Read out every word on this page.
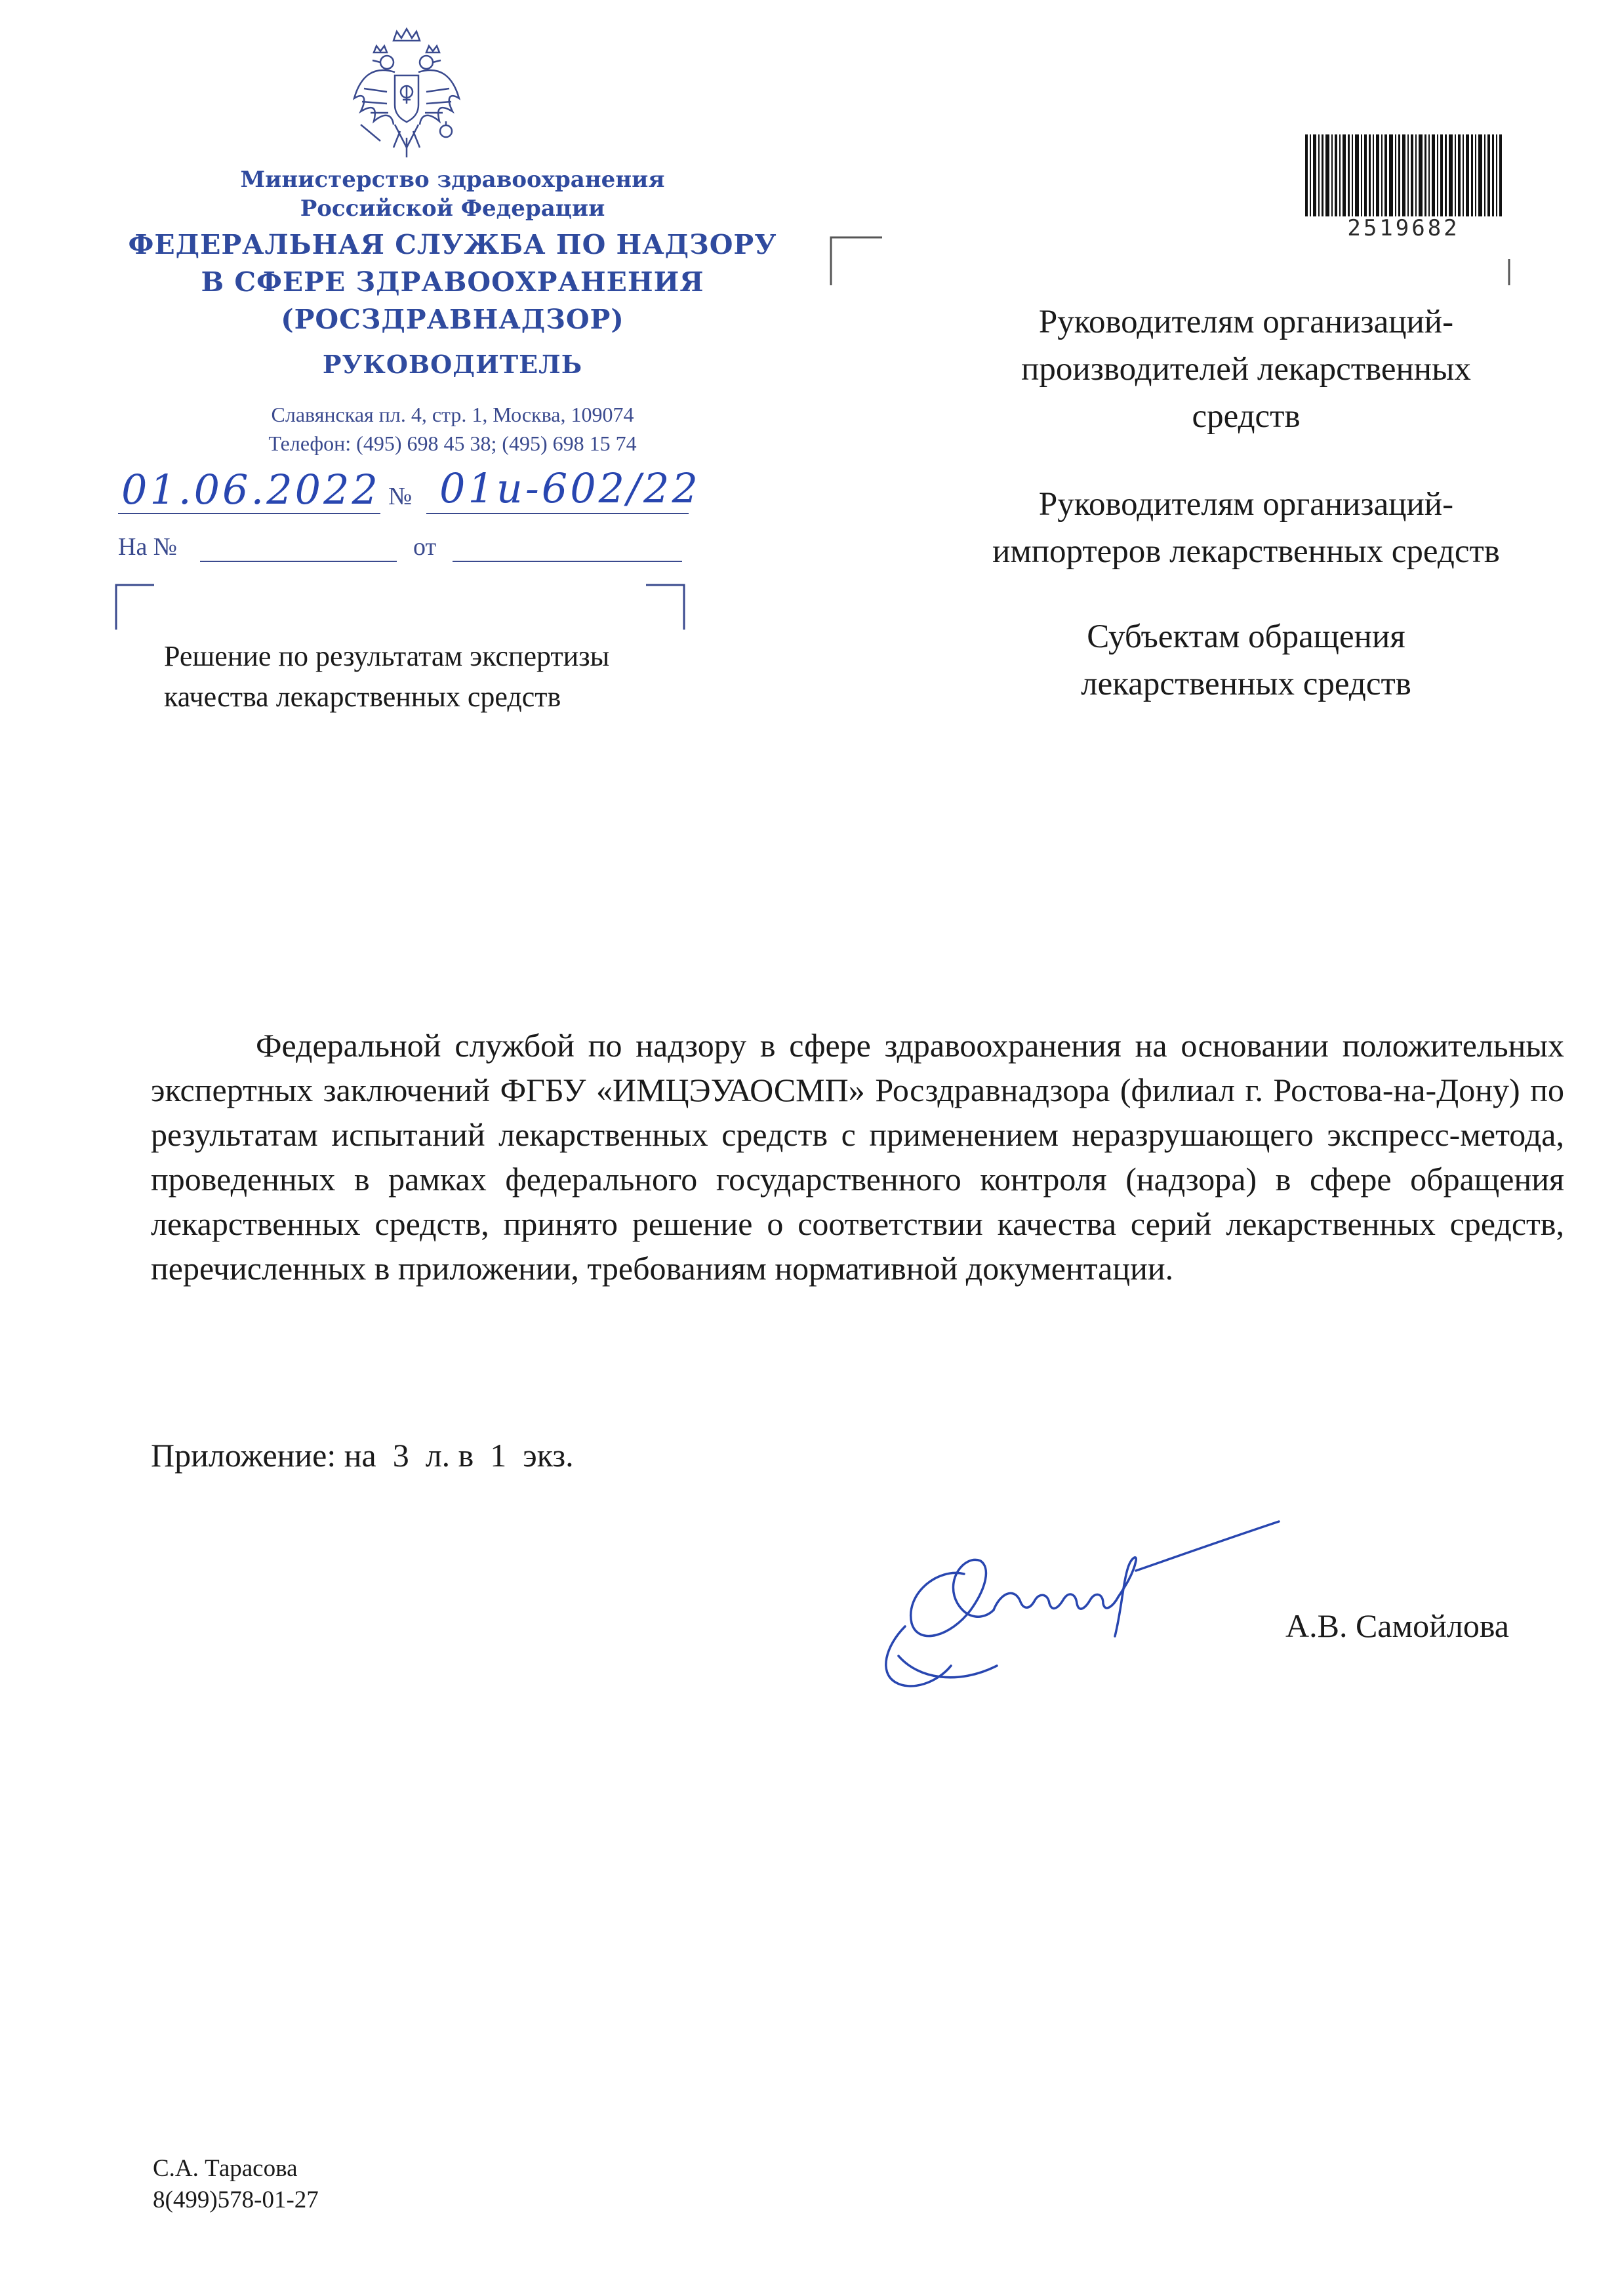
Министерство здравоохранения
Российской Федерации
ФЕДЕРАЛЬНАЯ СЛУЖБА ПО НАДЗОРУ
В СФЕРЕ ЗДРАВООХРАНЕНИЯ
(РОСЗДРАВНАДЗОР)
РУКОВОДИТЕЛЬ
Славянская пл. 4, стр. 1, Москва, 109074
Телефон: (495) 698 45 38; (495) 698 15 74
01.06.2022 № 01и-602/22
На №	от
Решение по результатам экспертизы
качества лекарственных средств
2519682
Руководителям организаций-
производителей лекарственных
средств
Руководителям организаций-
импортеров лекарственных средств
Субъектам обращения
лекарственных средств
Федеральной службой по надзору в сфере здравоохранения на основании положительных экспертных заключений ФГБУ «ИМЦЭУАОСМП» Росздравнадзора (филиал г. Ростова-на-Дону) по результатам испытаний лекарственных средств с применением неразрушающего экспресс-метода, проведенных в рамках федерального государственного контроля (надзора) в сфере обращения лекарственных средств, принято решение о соответствии качества серий лекарственных средств, перечисленных в приложении, требованиям нормативной документации.
Приложение: на  3  л. в  1  экз.
А.В. Самойлова
С.А. Тарасова
8(499)578-01-27
